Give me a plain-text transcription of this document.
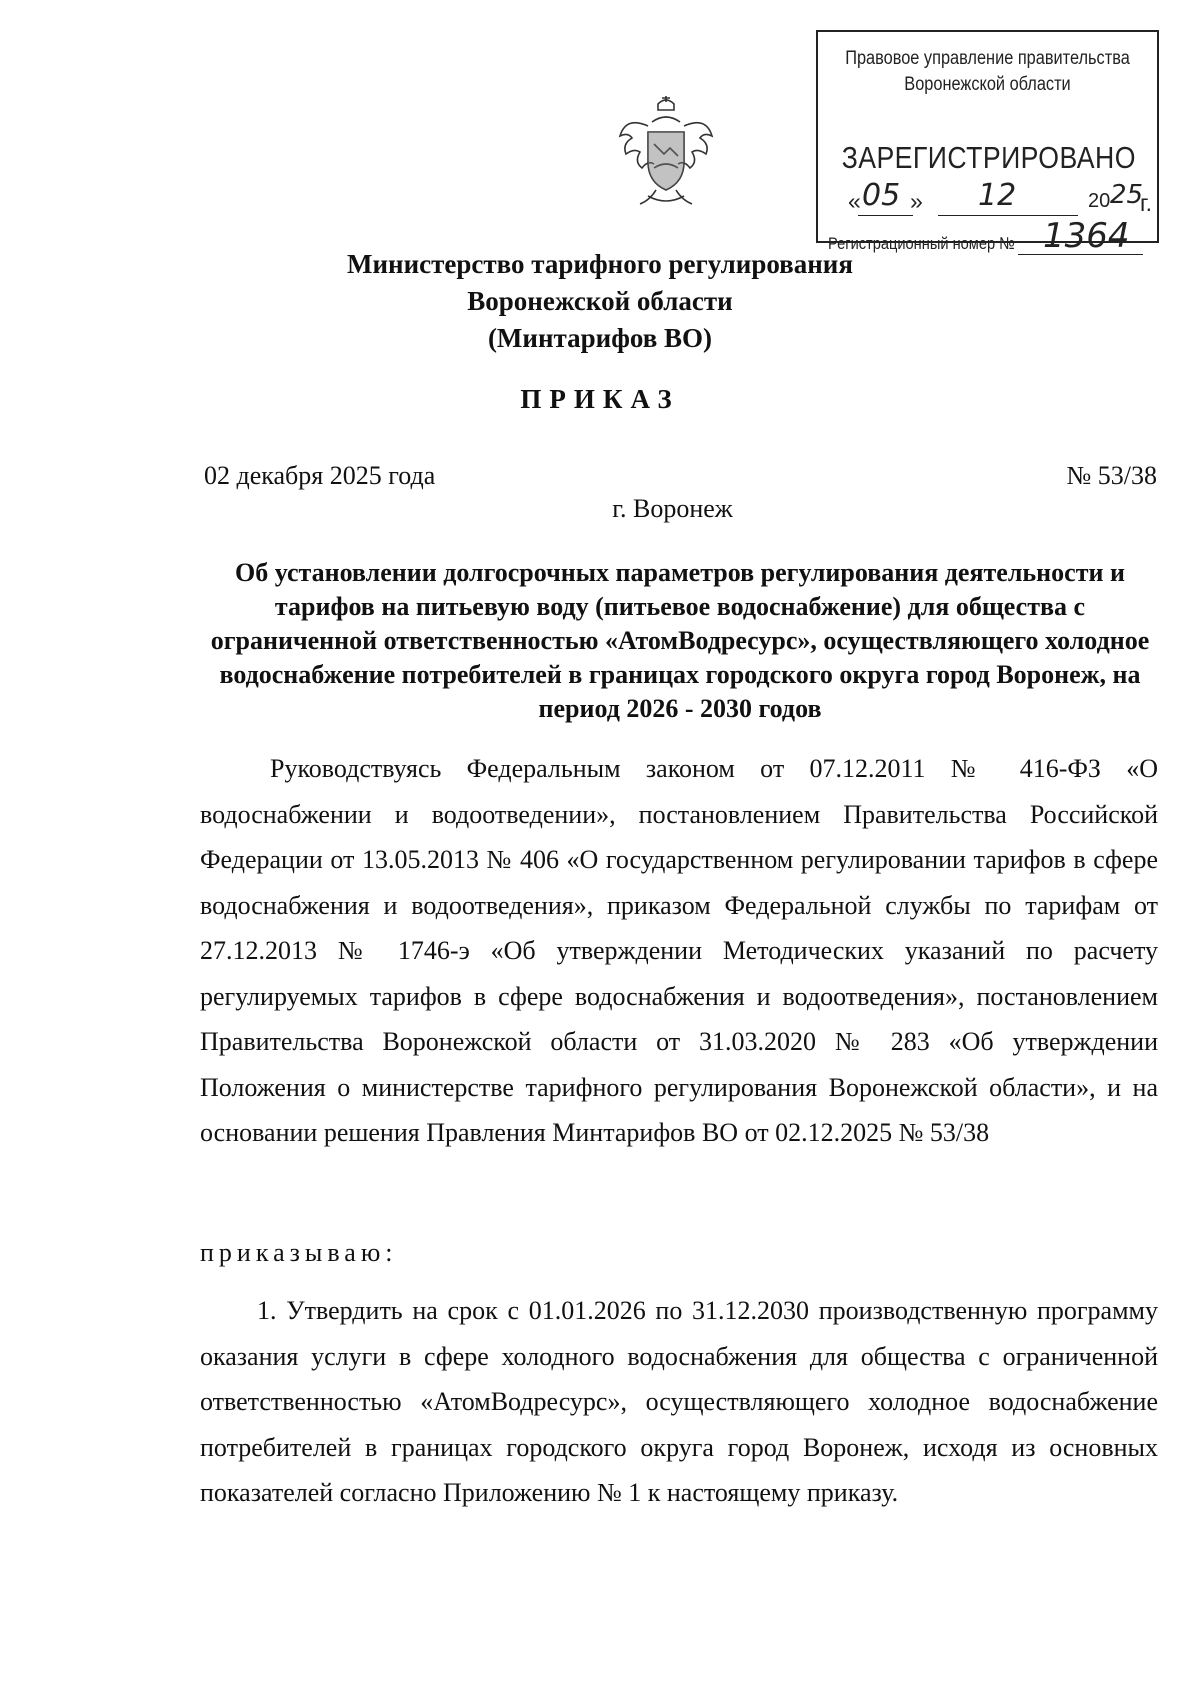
Правовое управление правительства
Воронежской области
ЗАРЕГИСТРИРОВАНО
« 05 » 12	20 25
г.
Регистрационный номер № 1364
Министерство тарифного регулирования
Воронежской области
(Минтарифов ВО)
ПРИКАЗ
02 декабря 2025 года	№ 53/38
г. Воронеж
Об установлении долгосрочных параметров регулирования деятельности и тарифов на питьевую воду (питьевое водоснабжение) для общества с ограниченной ответственностью «АтомВодресурс», осуществляющего холодное водоснабжение потребителей в границах городского округа город Воронеж, на период 2026 - 2030 годов
Руководствуясь Федеральным законом от 07.12.2011 № 416-ФЗ «О водоснабжении и водоотведении», постановлением Правительства Российской Федерации от 13.05.2013 № 406 «О государственном регулировании тарифов в сфере водоснабжения и водоотведения», приказом Федеральной службы по тарифам от 27.12.2013 № 1746-э «Об утверждении Методических указаний по расчету регулируемых тарифов в сфере водоснабжения и водоотведения», постановлением Правительства Воронежской области от 31.03.2020 № 283 «Об утверждении Положения о министерстве тарифного регулирования Воронежской области», и на основании решения Правления Минтарифов ВО от 02.12.2025 № 53/38
приказываю:
1. Утвердить на срок с 01.01.2026 по 31.12.2030 производственную программу оказания услуги в сфере холодного водоснабжения для общества с ограниченной ответственностью «АтомВодресурс», осуществляющего холодное водоснабжение потребителей в границах городского округа город Воронеж, исходя из основных показателей согласно Приложению № 1 к настоящему приказу.
